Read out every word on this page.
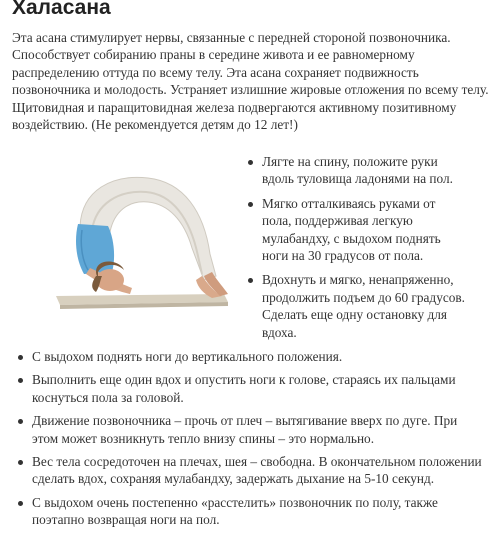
Халасана

Эта асана стимулирует нервы, связанные с передней стороной позвоночника. Способствует собиранию праны в середине живота и ее равномерному распределению оттуда по всему телу. Эта асана сохраняет подвижность позвоночника и молодость. Устраняет излишние жировые отложения по всему телу. Щитовидная и паращитовидная железа подвергаются активному позитивному воздействию. (Не рекомендуется детям до 12 лет!)

Лягте на спину, положите руки вдоль туловища ладонями на пол.
Мягко отталкиваясь руками от пола, поддерживая легкую мулабандху, с выдохом поднять ноги на 30 градусов от пола.
Вдохнуть и мягко, ненапряженно, продолжить подъем до 60 градусов. Сделать еще одну остановку для вдоха.
С выдохом поднять ноги до вертикального положения.
Выполнить еще один вдох и опустить ноги к голове, стараясь их пальцами коснуться пола за головой.
Движение позвоночника – прочь от плеч – вытягивание вверх по дуге. При этом может возникнуть тепло внизу спины – это нормально.
Вес тела сосредоточен на плечах, шея – свободна. В окончательном положении сделать вдох, сохраняя мулабандху, задержать дыхание на 5-10 секунд.
С выдохом очень постепенно «расстелить» позвоночник по полу, также поэтапно возвращая ноги на пол.
